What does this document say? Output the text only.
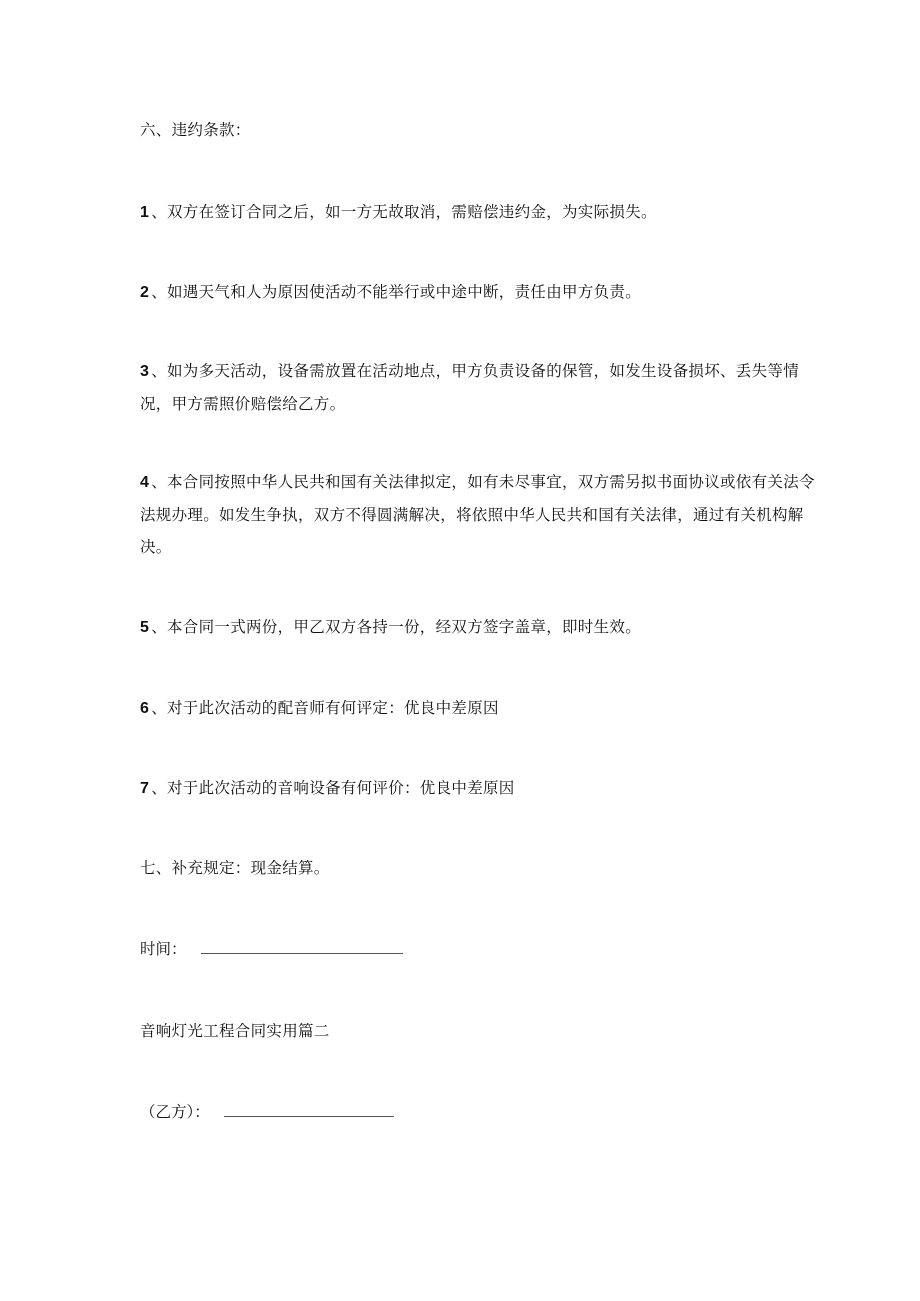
六、违约条款：
1 、双方在签订合同之后，如一方无故取消，需赔偿违约金，为实际损失。
2 、如遇天气和人为原因使活动不能举行或中途中断，责任由甲方负责。
3 、如为多天活动，设备需放置在活动地点，甲方负责设备的保管，如发生设备损坏、丢失等情况，甲方需照价赔偿给乙方。
4 、本合同按照中华人民共和国有关法律拟定，如有未尽事宜，双方需另拟书面协议或依有关法令法规办理。如发生争执，双方不得圆满解决，将依照中华人民共和国有关法律，通过有关机构解决。
5 、本合同一式两份，甲乙双方各持一份，经双方签字盖章，即时生效。
6 、对于此次活动的配音师有何评定：优良中差原因
7 、对于此次活动的音响设备有何评价：优良中差原因
七、补充规定：现金结算。
时间：
音响灯光工程合同实用篇二
（乙方）：
